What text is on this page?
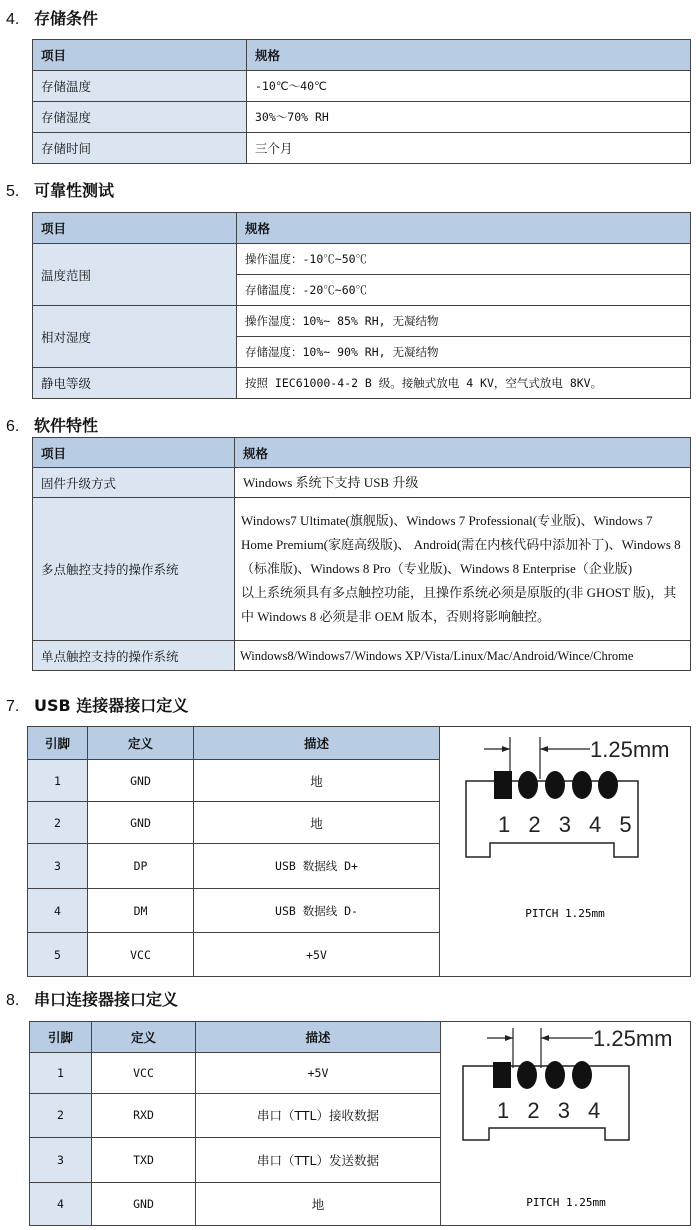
4. 存储条件
项目	规格
存储温度	-10℃～40℃
存储湿度	30%～70% RH
存储时间	三个月
5. 可靠性测试
项目	规格
温度范围	操作温度：-10℃~50℃
	存储温度：-20℃~60℃
相对湿度	操作湿度：10%~ 85% RH, 无凝结物
	存储湿度：10%~ 90% RH, 无凝结物
静电等级	按照 IEC61000-4-2 B 级。接触式放电 4 KV，空气式放电 8KV。
6. 软件特性
项目	规格
固件升级方式	Windows 系统下支持 USB 升级
多点触控支持的操作系统	Windows7 Ultimate(旗舰版)、Windows 7 Professional(专业版)、Windows 7 Home Premium(家庭高级版)、 Android(需在内核代码中添加补丁)、Windows 8（标准版)、Windows 8 Pro（专业版)、Windows 8 Enterprise（企业版)
以上系统须具有多点触控功能，且操作系统必须是原版的(非 GHOST 版)，其中 Windows 8 必须是非 OEM 版本，否则将影响触控。

单点触控支持的操作系统	Windows8/Windows7/Windows XP/Vista/Linux/Mac/Android/Wince/Chrome
7. USB 连接器接口定义
引脚	定义	描述	1.25mm
1 2 3 4 5
PITCH 1.25mm

1	GND	地	
2	GND	地	
3	DP	USB 数据线 D+	
4	DM	USB 数据线 D-	
5	VCC	+5V	
8. 串口连接器接口定义
引脚	定义	描述	1.25mm
1 2 3 4
PITCH 1.25mm

1	VCC	+5V	
2	RXD	串口（TTL）接收数据	
3	TXD	串口（TTL）发送数据	
4	GND	地	
